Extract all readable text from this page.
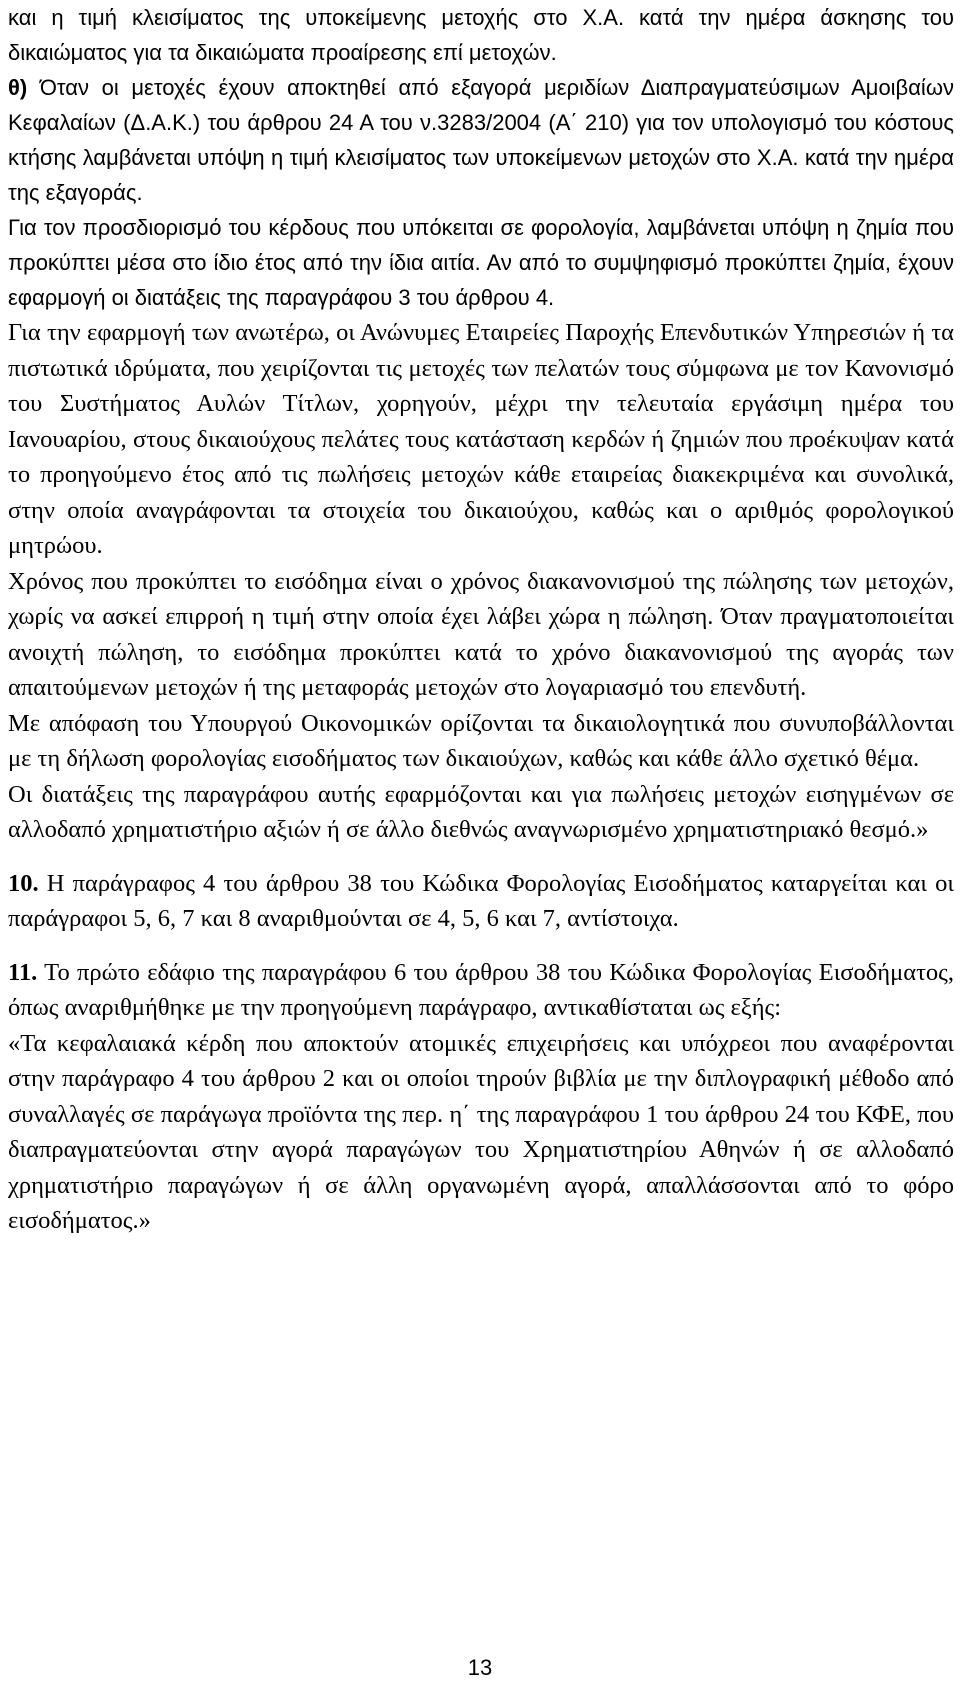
και η τιμή κλεισίματος της υποκείμενης μετοχής στο Χ.Α. κατά την ημέρα άσκησης του δικαιώματος για τα δικαιώματα προαίρεσης επί μετοχών.

θ) Όταν οι μετοχές έχουν αποκτηθεί από εξαγορά μεριδίων Διαπραγματεύσιμων Αμοιβαίων Κεφαλαίων (Δ.Α.Κ.) του άρθρου 24 Α του ν.3283/2004 (Α΄ 210) για τον υπολογισμό του κόστους κτήσης λαμβάνεται υπόψη η τιμή κλεισίματος των υποκείμενων μετοχών στο Χ.Α. κατά την ημέρα της εξαγοράς.

Για τον προσδιορισμό του κέρδους που υπόκειται σε φορολογία, λαμβάνεται υπόψη η ζημία που προκύπτει μέσα στο ίδιο έτος από την ίδια αιτία. Αν από το συμψηφισμό προκύπτει ζημία, έχουν εφαρμογή οι διατάξεις της παραγράφου 3 του άρθρου 4.

Για την εφαρμογή των ανωτέρω, οι Ανώνυμες Εταιρείες Παροχής Επενδυτικών Υπηρεσιών ή τα πιστωτικά ιδρύματα, που χειρίζονται τις μετοχές των πελατών τους σύμφωνα με τον Κανονισμό του Συστήματος Αυλών Τίτλων, χορηγούν, μέχρι την τελευταία εργάσιμη ημέρα του Ιανουαρίου, στους δικαιούχους πελάτες τους κατάσταση κερδών ή ζημιών που προέκυψαν κατά το προηγούμενο έτος από τις πωλήσεις μετοχών κάθε εταιρείας διακεκριμένα και συνολικά, στην οποία αναγράφονται τα στοιχεία του δικαιούχου, καθώς και ο αριθμός φορολογικού μητρώου.

Χρόνος που προκύπτει το εισόδημα είναι ο χρόνος διακανονισμού της πώλησης των μετοχών, χωρίς να ασκεί επιρροή η τιμή στην οποία έχει λάβει χώρα η πώληση. Όταν πραγματοποιείται ανοιχτή πώληση, το εισόδημα προκύπτει κατά το χρόνο διακανονισμού της αγοράς των απαιτούμενων μετοχών ή της μεταφοράς μετοχών στο λογαριασμό του επενδυτή.

Με απόφαση του Υπουργού Οικονομικών ορίζονται τα δικαιολογητικά που συνυποβάλλονται με τη δήλωση φορολογίας εισοδήματος των δικαιούχων, καθώς και κάθε άλλο σχετικό θέμα.

Οι διατάξεις της παραγράφου αυτής εφαρμόζονται και για πωλήσεις μετοχών εισηγμένων σε αλλοδαπό χρηματιστήριο αξιών ή σε άλλο διεθνώς αναγνωρισμένο χρηματιστηριακό θεσμό.»

10. Η παράγραφος 4 του άρθρου 38 του Κώδικα Φορολογίας Εισοδήματος καταργείται και οι παράγραφοι 5, 6, 7 και 8 αναριθμούνται σε 4, 5, 6 και 7, αντίστοιχα.

11. Το πρώτο εδάφιο της παραγράφου 6 του άρθρου 38 του Κώδικα Φορολογίας Εισοδήματος, όπως αναριθμήθηκε με την προηγούμενη παράγραφο, αντικαθίσταται ως εξής:

«Τα κεφαλαιακά κέρδη που αποκτούν ατομικές επιχειρήσεις και υπόχρεοι που αναφέρονται στην παράγραφο 4 του άρθρου 2 και οι οποίοι τηρούν βιβλία με την διπλογραφική μέθοδο από συναλλαγές σε παράγωγα προϊόντα της περ. η΄ της παραγράφου 1 του άρθρου 24 του ΚΦΕ, που διαπραγματεύονται στην αγορά παραγώγων του Χρηματιστηρίου Αθηνών ή σε αλλοδαπό χρηματιστήριο παραγώγων ή σε άλλη οργανωμένη αγορά, απαλλάσσονται από το φόρο εισοδήματος.»

13
